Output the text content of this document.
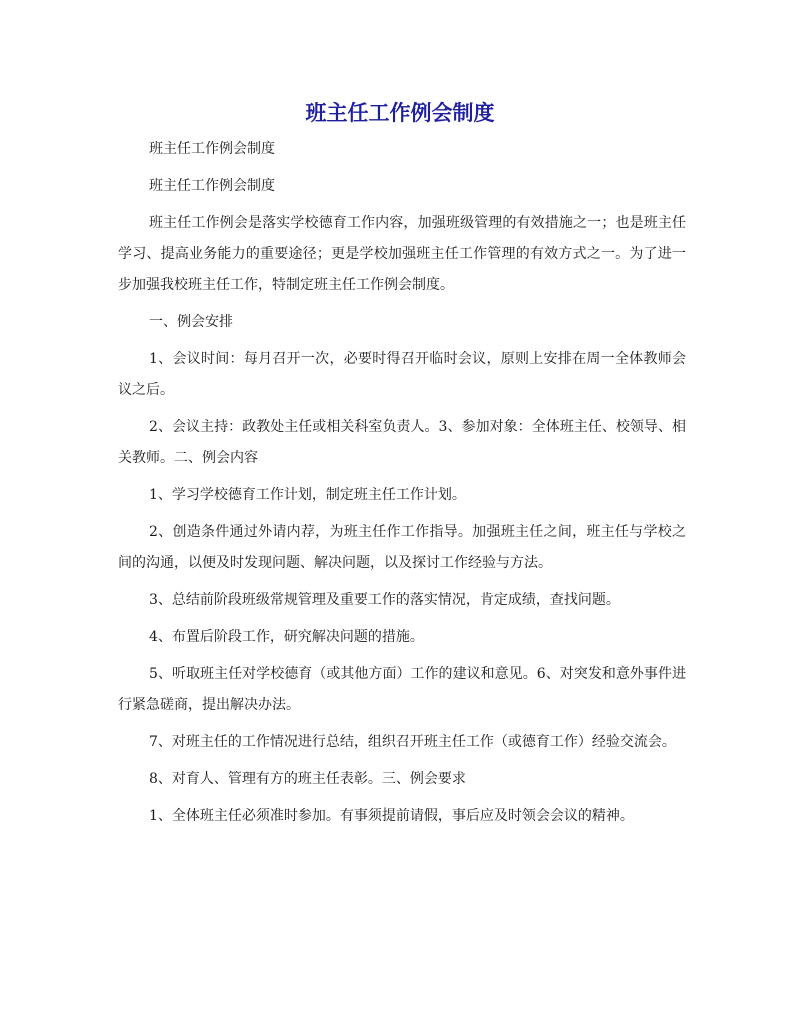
班主任工作例会制度

班主任工作例会制度

班主任工作例会制度

班主任工作例会是落实学校德育工作内容，加强班级管理的有效措施之一；也是班主任学习、提高业务能力的重要途径；更是学校加强班主任工作管理的有效方式之一。为了进一步加强我校班主任工作，特制定班主任工作例会制度。

一、例会安排

1、会议时间：每月召开一次，必要时得召开临时会议，原则上安排在周一全体教师会议之后。

2、会议主持：政教处主任或相关科室负责人。3、参加对象：全体班主任、校领导、相关教师。二、例会内容

1、学习学校德育工作计划，制定班主任工作计划。

2、创造条件通过外请内荐，为班主任作工作指导。加强班主任之间，班主任与学校之间的沟通，以便及时发现问题、解决问题，以及探讨工作经验与方法。

3、总结前阶段班级常规管理及重要工作的落实情况，肯定成绩，查找问题。

4、布置后阶段工作，研究解决问题的措施。

5、听取班主任对学校德育（或其他方面）工作的建议和意见。6、对突发和意外事件进行紧急磋商，提出解决办法。

7、对班主任的工作情况进行总结，组织召开班主任工作（或德育工作）经验交流会。

8、对育人、管理有方的班主任表彰。三、例会要求

1、全体班主任必须准时参加。有事须提前请假，事后应及时领会会议的精神。
